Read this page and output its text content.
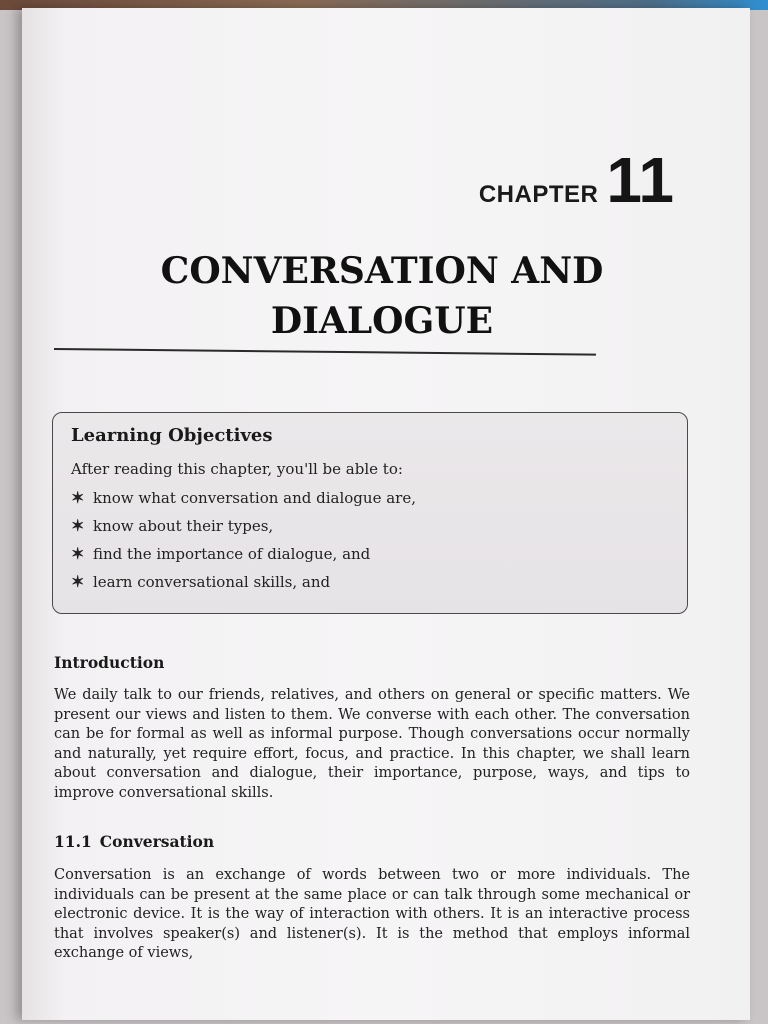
CHAPTER 11
CONVERSATION AND
DIALOGUE
Learning Objectives
After reading this chapter, you'll be able to:
✶ know what conversation and dialogue are,
✶ know about their types,
✶ find the importance of dialogue, and
✶ learn conversational skills, and
Introduction

We daily talk to our friends, relatives, and others on general or specific matters. We present our views and listen to them. We converse with each other. The conversation can be for formal as well as informal purpose. Though conversations occur normally and naturally, yet require effort, focus, and practice. In this chapter, we shall learn about conversation and dialogue, their importance, purpose, ways, and tips to improve conversational skills.

11.1 Conversation

Conversation is an exchange of words between two or more individuals. The individuals can be present at the same place or can talk through some mechanical or electronic device. It is the way of interaction with others. It is an interactive process that involves speaker(s) and listener(s). It is the method that employs informal exchange of views,
